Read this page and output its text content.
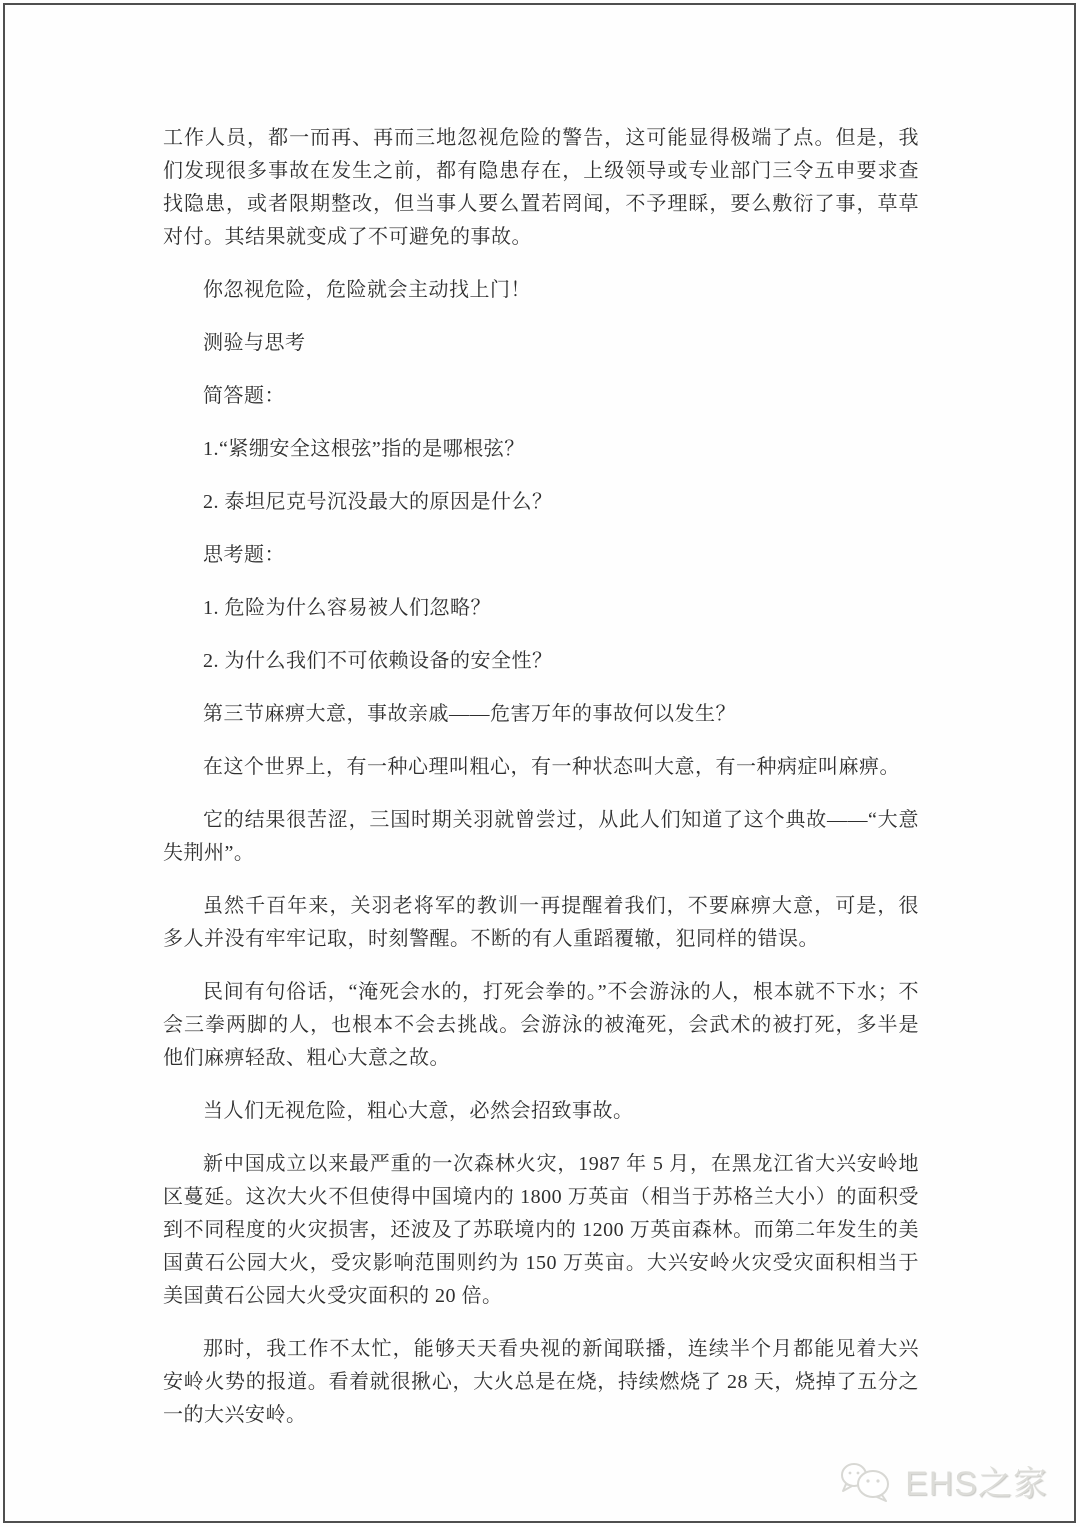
工作人员，都一而再、再而三地忽视危险的警告，这可能显得极端了点。但是，我们发现很多事故在发生之前，都有隐患存在，上级领导或专业部门三令五申要求查找隐患，或者限期整改，但当事人要么置若罔闻，不予理睬，要么敷衍了事，草草对付。其结果就变成了不可避免的事故。

你忽视危险，危险就会主动找上门！

测验与思考

简答题：

1.“紧绷安全这根弦”指的是哪根弦？

2. 泰坦尼克号沉没最大的原因是什么？

思考题：

1. 危险为什么容易被人们忽略？

2. 为什么我们不可依赖设备的安全性？

第三节麻痹大意，事故亲戚——危害万年的事故何以发生？

在这个世界上，有一种心理叫粗心，有一种状态叫大意，有一种病症叫麻痹。

它的结果很苦涩，三国时期关羽就曾尝过，从此人们知道了这个典故——“大意失荆州”。

虽然千百年来，关羽老将军的教训一再提醒着我们，不要麻痹大意，可是，很多人并没有牢牢记取，时刻警醒。不断的有人重蹈覆辙，犯同样的错误。

民间有句俗话，“淹死会水的，打死会拳的。”不会游泳的人，根本就不下水；不会三拳两脚的人，也根本不会去挑战。会游泳的被淹死，会武术的被打死，多半是他们麻痹轻敌、粗心大意之故。

当人们无视危险，粗心大意，必然会招致事故。

新中国成立以来最严重的一次森林火灾，1987 年 5 月，在黑龙江省大兴安岭地区蔓延。这次大火不但使得中国境内的 1800 万英亩（相当于苏格兰大小）的面积受到不同程度的火灾损害，还波及了苏联境内的 1200 万英亩森林。而第二年发生的美国黄石公园大火，受灾影响范围则约为 150 万英亩。大兴安岭火灾受灾面积相当于美国黄石公园大火受灾面积的 20 倍。

那时，我工作不太忙，能够天天看央视的新闻联播，连续半个月都能见着大兴安岭火势的报道。看着就很揪心，大火总是在烧，持续燃烧了 28 天，烧掉了五分之一的大兴安岭。

EHS之家
